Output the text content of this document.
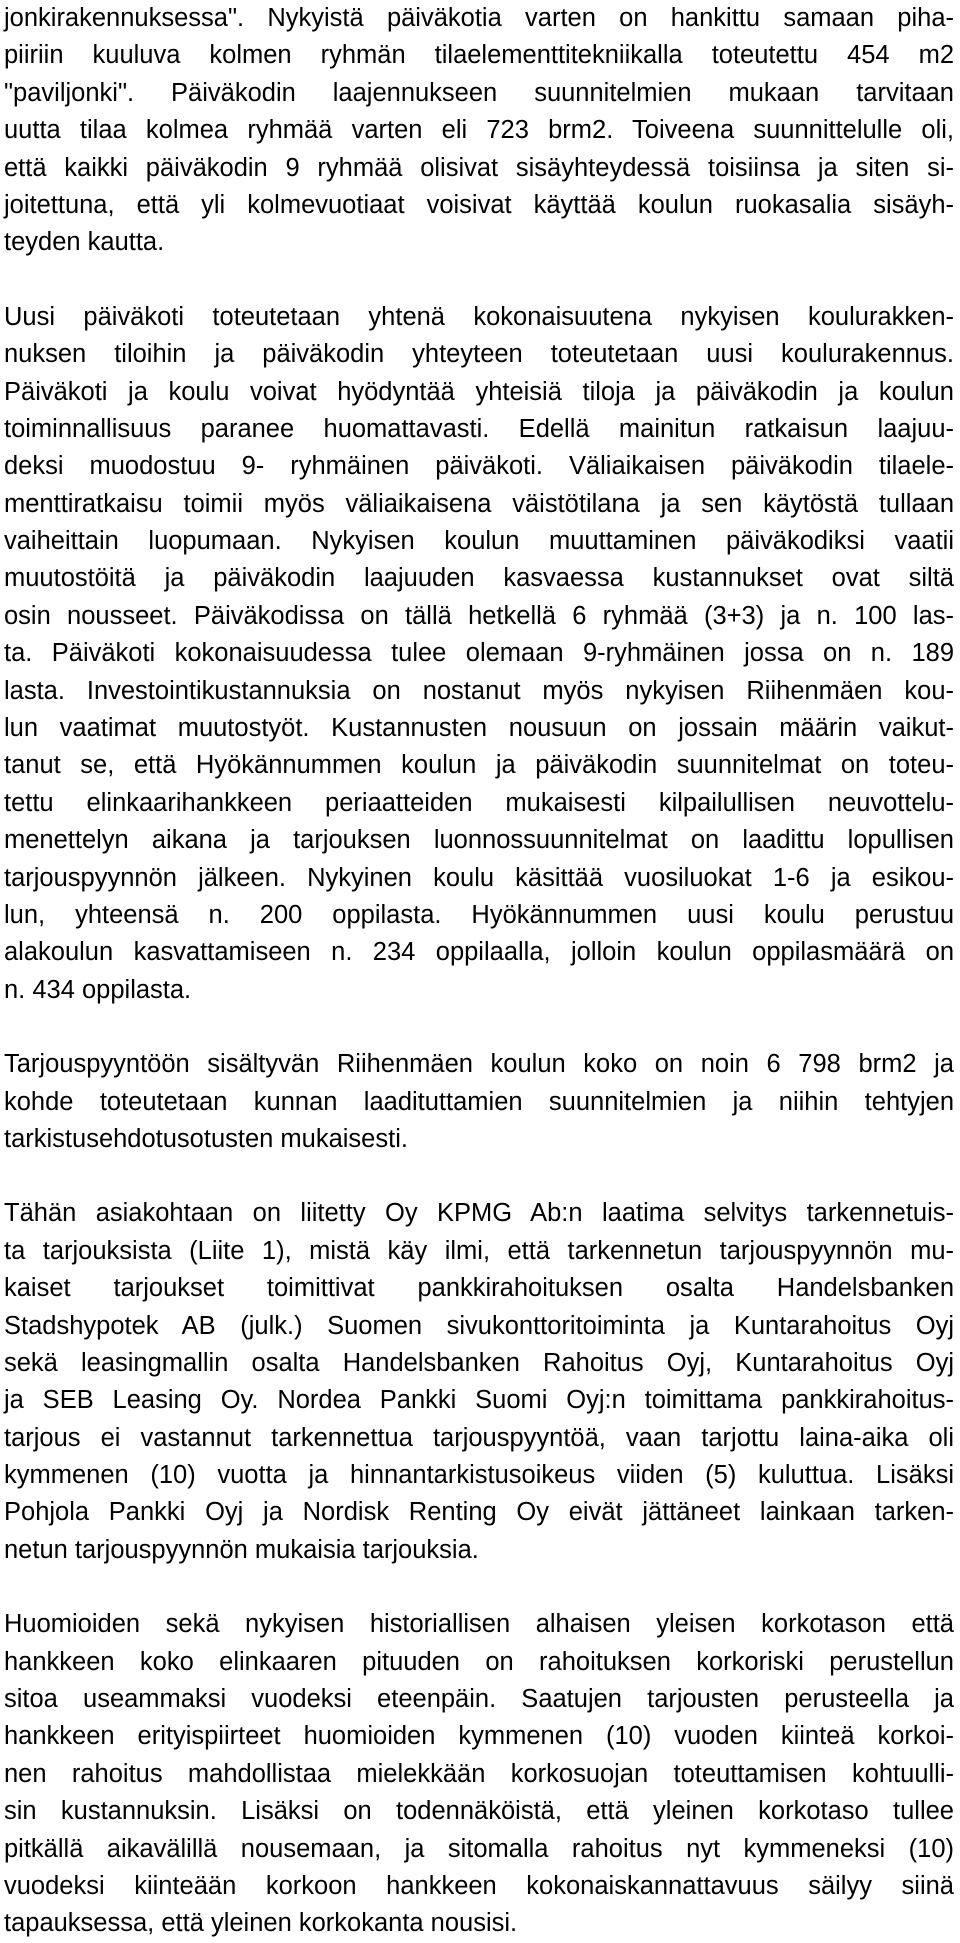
jonkirakennuksessa". Nykyistä päiväkotia varten on hankittu samaan piha-
piiriin kuuluva kolmen ryhmän tilaelementtitekniikalla toteutettu 454 m2
"paviljonki". Päiväkodin laajennukseen suunnitelmien mukaan tarvitaan
uutta tilaa kolmea ryhmää varten eli 723 brm2. Toiveena suunnittelulle oli,
että kaikki päiväkodin 9 ryhmää olisivat sisäyhteydessä toisiinsa ja siten si-
joitettuna, että yli kolmevuotiaat voisivat käyttää koulun ruokasalia sisäyh-
teyden kautta.
Uusi päiväkoti toteutetaan yhtenä kokonaisuutena nykyisen koulurakken-
nuksen tiloihin ja päiväkodin yhteyteen toteutetaan uusi koulurakennus.
Päiväkoti ja koulu voivat hyödyntää yhteisiä tiloja ja päiväkodin ja koulun
toiminnallisuus paranee huomattavasti. Edellä mainitun ratkaisun laajuu-
deksi muodostuu 9- ryhmäinen päiväkoti. Väliaikaisen päiväkodin tilaele-
menttiratkaisu toimii myös väliaikaisena väistötilana ja sen käytöstä tullaan
vaiheittain luopumaan. Nykyisen koulun muuttaminen päiväkodiksi vaatii
muutostöitä ja päiväkodin laajuuden kasvaessa kustannukset ovat siltä
osin nousseet. Päiväkodissa on tällä hetkellä 6 ryhmää (3+3) ja n. 100 las-
ta. Päiväkoti kokonaisuudessa tulee olemaan 9-ryhmäinen jossa on n. 189
lasta. Investointikustannuksia on nostanut myös nykyisen Riihenmäen kou-
lun vaatimat muutostyöt. Kustannusten nousuun on jossain määrin vaikut-
tanut se, että Hyökännummen koulun ja päiväkodin suunnitelmat on toteu-
tettu elinkaarihankkeen periaatteiden mukaisesti kilpailullisen neuvottelu-
menettelyn aikana ja tarjouksen luonnossuunnitelmat on laadittu lopullisen
tarjouspyynnön jälkeen. Nykyinen koulu käsittää vuosiluokat 1-6 ja esikou-
lun, yhteensä n. 200 oppilasta. Hyökännummen uusi koulu perustuu
alakoulun kasvattamiseen n. 234 oppilaalla, jolloin koulun oppilasmäärä on
n. 434 oppilasta.
Tarjouspyyntöön sisältyvän Riihenmäen koulun koko on noin 6 798 brm2 ja
kohde toteutetaan kunnan laadituttamien suunnitelmien ja niihin tehtyjen
tarkistusehdotusotusten mukaisesti.
Tähän asiakohtaan on liitetty Oy KPMG Ab:n laatima selvitys tarkennetuis-
ta tarjouksista (Liite 1), mistä käy ilmi, että tarkennetun tarjouspyynnön mu-
kaiset tarjoukset toimittivat pankkirahoituksen osalta Handelsbanken
Stadshypotek AB (julk.) Suomen sivukonttoritoiminta ja Kuntarahoitus Oyj
sekä leasingmallin osalta Handelsbanken Rahoitus Oyj, Kuntarahoitus Oyj
ja SEB Leasing Oy. Nordea Pankki Suomi Oyj:n toimittama pankkirahoitus-
tarjous ei vastannut tarkennettua tarjouspyyntöä, vaan tarjottu laina-aika oli
kymmenen (10) vuotta ja hinnantarkistusoikeus viiden (5) kuluttua. Lisäksi
Pohjola Pankki Oyj ja Nordisk Renting Oy eivät jättäneet lainkaan tarken-
netun tarjouspyynnön mukaisia tarjouksia.
Huomioiden sekä nykyisen historiallisen alhaisen yleisen korkotason että
hankkeen koko elinkaaren pituuden on rahoituksen korkoriski perustellun
sitoa useammaksi vuodeksi eteenpäin. Saatujen tarjousten perusteella ja
hankkeen erityispiirteet huomioiden kymmenen (10) vuoden kiinteä korkoi-
nen rahoitus mahdollistaa mielekkään korkosuojan toteuttamisen kohtuulli-
sin kustannuksin. Lisäksi on todennäköistä, että yleinen korkotaso tullee
pitkällä aikavälillä nousemaan, ja sitomalla rahoitus nyt kymmeneksi (10)
vuodeksi kiinteään korkoon hankkeen kokonaiskannattavuus säilyy siinä
tapauksessa, että yleinen korkokanta nousisi.
